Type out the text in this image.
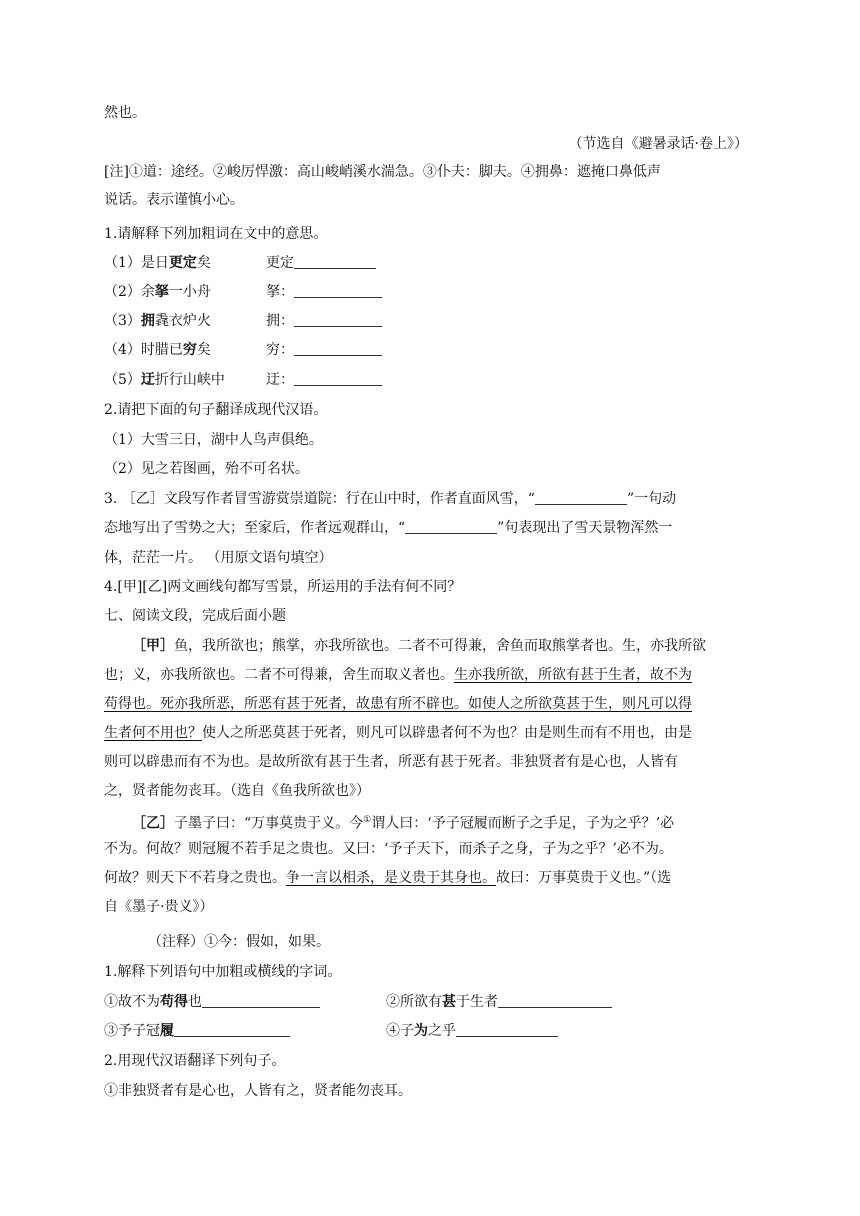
然也。
（节选自《避暑录话·卷上》）
[注]①道：途经。②峻厉悍激：高山峻峭溪水湍急。③仆夫：脚夫。④拥鼻：遮掩口鼻低声
说话。表示谨慎小心。
1.请解释下列加粗词在文中的意思。
（1）是日更定矣	更定
（2）余拏一小舟	拏：
（3）拥毳衣炉火	拥：
（4）时腊已穷矣	穷：
（5）迂折行山峡中	迂：
2.请把下面的句子翻译成现代汉语。
（1）大雪三日，湖中人鸟声俱绝。
（2）见之若图画，殆不可名状。
3. ［乙］文段写作者冒雪游赏崇道院：行在山中时，作者直面风雪，“	”一句动
态地写出了雪势之大；至家后，作者远观群山，“	”句表现出了雪天景物浑然一
体，茫茫一片。 （用原文语句填空）
4.[甲][乙]两文画线句都写雪景，所运用的手法有何不同？
七、阅读文段，完成后面小题
［甲］鱼，我所欲也；熊掌，亦我所欲也。二者不可得兼，舍鱼而取熊掌者也。生，亦我所欲
也；义，亦我所欲也。二者不可得兼，舍生而取义者也。生亦我所欲，所欲有甚于生者，故不为
苟得也。死亦我所恶，所恶有甚于死者，故患有所不辟也。如使人之所欲莫甚于生，则凡可以得
生者何不用也？使人之所恶莫甚于死者，则凡可以辟患者何不为也？由是则生而有不用也，由是
则可以辟患而有不为也。是故所欲有甚于生者，所恶有甚于死者。非独贤者有是心也，人皆有
之，贤者能勿丧耳。（选自《鱼我所欲也》）
［乙］子墨子曰：“万事莫贵于义。今①谓人曰：‘予子冠履而断子之手足，子为之乎？’必
不为。何故？则冠履不若手足之贵也。又曰：‘予子天下，而杀子之身，子为之乎？’必不为。
何故？则天下不若身之贵也。争一言以相杀，是义贵于其身也。故曰：万事莫贵于义也。”（选
自《墨子·贵义》）
（注释）①今：假如，如果。
1.解释下列语句中加粗或横线的字词。
①故不为苟得也	②所欲有甚于生者
③予子冠履	④子为之乎
2.用现代汉语翻译下列句子。
①非独贤者有是心也，人皆有之，贤者能勿丧耳。
